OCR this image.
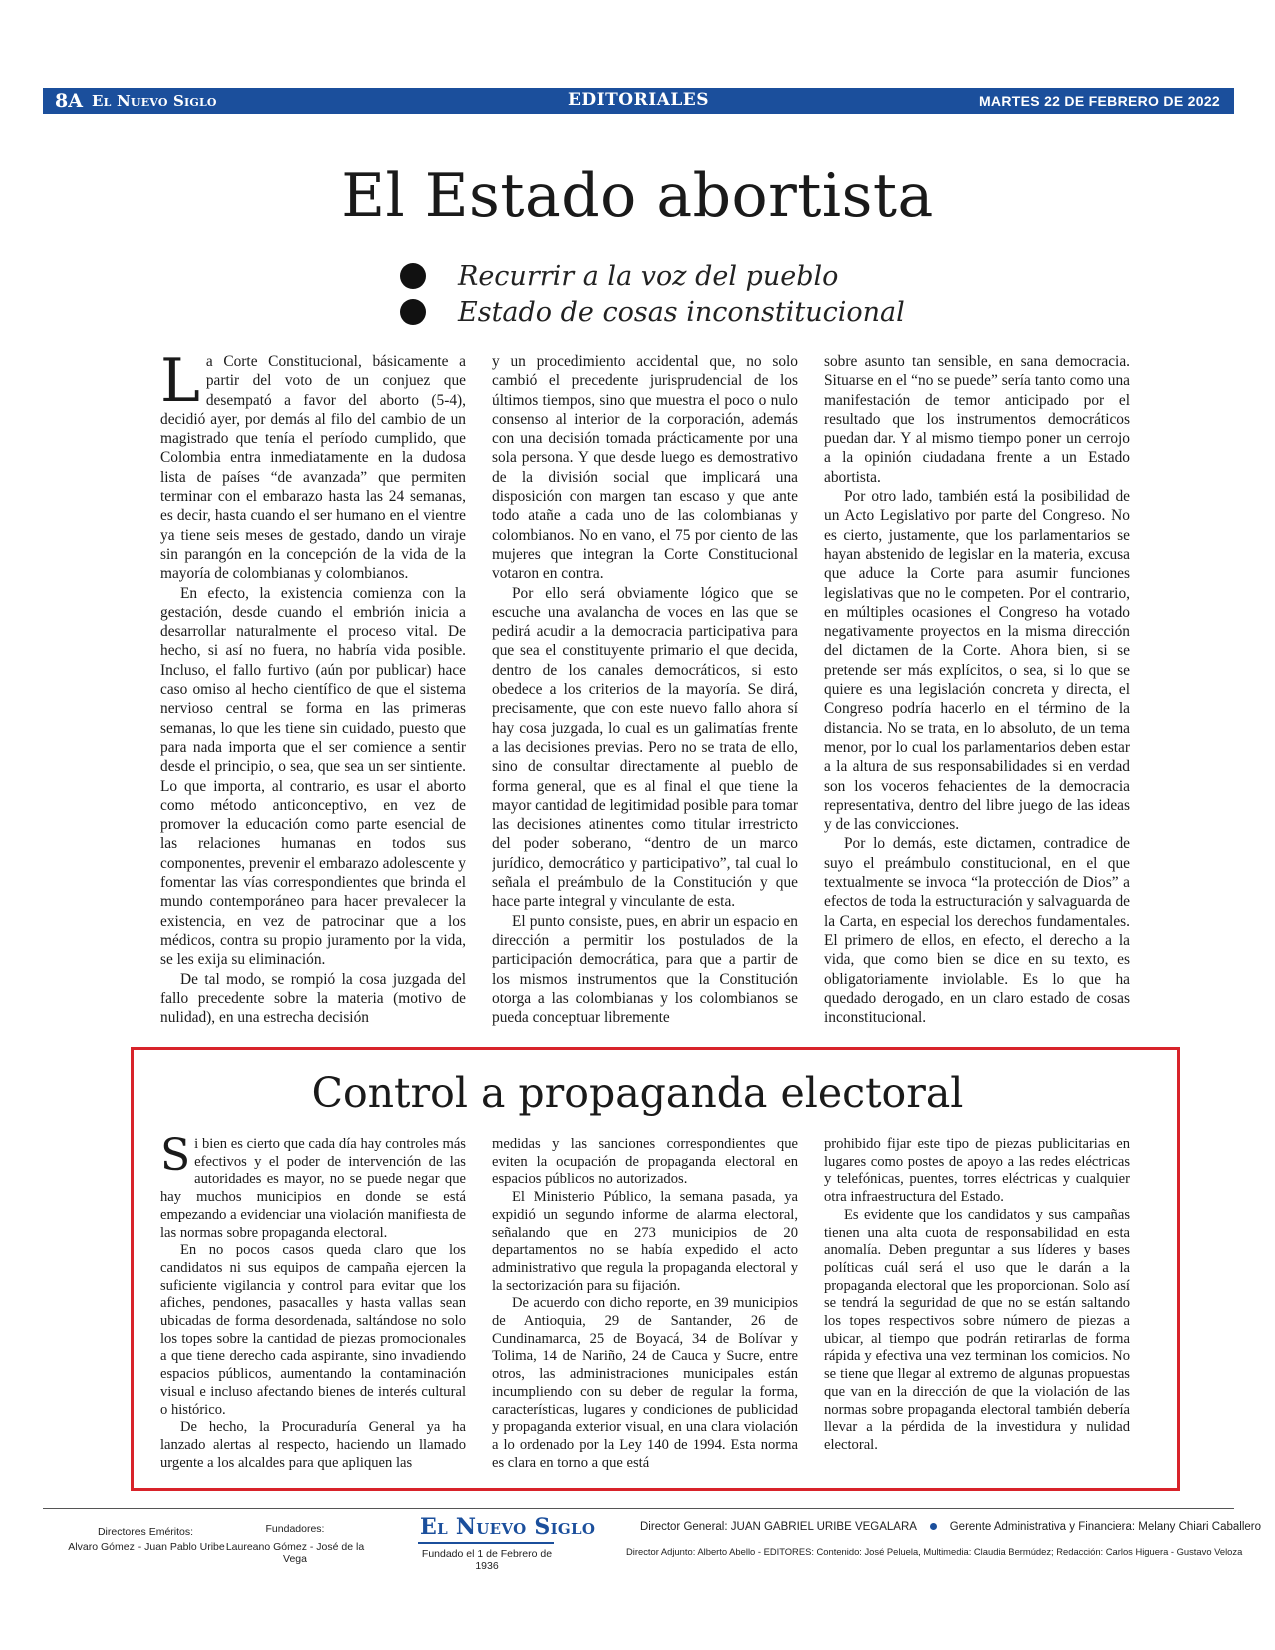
8A El Nuevo Siglo	EDITORIALES	MARTES 22 DE FEBRERO DE 2022
El Estado abortista
Recurrir a la voz del pueblo
Estado de cosas inconstitucional

La Corte Constitucional, básicamente a partir del voto de un conjuez que desempató a favor del aborto (5-4), decidió ayer, por demás al filo del cambio de un magistrado que tenía el período cumplido, que Colombia entra inmediatamente en la dudosa lista de países “de avanzada” que permiten terminar con el embarazo hasta las 24 semanas, es decir, hasta cuando el ser humano en el vientre ya tiene seis meses de gestado, dando un viraje sin parangón en la concepción de la vida de la mayoría de colombianas y colombianos.

En efecto, la existencia comienza con la gestación, desde cuando el embrión inicia a desarrollar naturalmente el proceso vital. De hecho, si así no fuera, no habría vida posible. Incluso, el fallo furtivo (aún por publicar) hace caso omiso al hecho científico de que el sistema nervioso central se forma en las primeras semanas, lo que les tiene sin cuidado, puesto que para nada importa que el ser comience a sentir desde el principio, o sea, que sea un ser sintiente. Lo que importa, al contrario, es usar el aborto como método anticonceptivo, en vez de promover la educación como parte esencial de las relaciones humanas en todos sus componentes, prevenir el embarazo adolescente y fomentar las vías correspondientes que brinda el mundo contemporáneo para hacer prevalecer la existencia, en vez de patrocinar que a los médicos, contra su propio juramento por la vida, se les exija su eliminación.

De tal modo, se rompió la cosa juzgada del fallo precedente sobre la materia (motivo de nulidad), en una estrecha decisión

y un procedimiento accidental que, no solo cambió el precedente jurisprudencial de los últimos tiempos, sino que muestra el poco o nulo consenso al interior de la corporación, además con una decisión tomada prácticamente por una sola persona. Y que desde luego es demostrativo de la división social que implicará una disposición con margen tan escaso y que ante todo atañe a cada uno de las colombianas y colombianos. No en vano, el 75 por ciento de las mujeres que integran la Corte Constitucional votaron en contra.

Por ello será obviamente lógico que se escuche una avalancha de voces en las que se pedirá acudir a la democracia participativa para que sea el constituyente primario el que decida, dentro de los canales democráticos, si esto obedece a los criterios de la mayoría. Se dirá, precisamente, que con este nuevo fallo ahora sí hay cosa juzgada, lo cual es un galimatías frente a las decisiones previas. Pero no se trata de ello, sino de consultar directamente al pueblo de forma general, que es al final el que tiene la mayor cantidad de legitimidad posible para tomar las decisiones atinentes como titular irrestricto del poder soberano, “dentro de un marco jurídico, democrático y participativo”, tal cual lo señala el preámbulo de la Constitución y que hace parte integral y vinculante de esta.

El punto consiste, pues, en abrir un espacio en dirección a permitir los postulados de la participación democrática, para que a partir de los mismos instrumentos que la Constitución otorga a las colombianas y los colombianos se pueda conceptuar libremente

sobre asunto tan sensible, en sana democracia. Situarse en el “no se puede” sería tanto como una manifestación de temor anticipado por el resultado que los instrumentos democráticos puedan dar. Y al mismo tiempo poner un cerrojo a la opinión ciudadana frente a un Estado abortista.

Por otro lado, también está la posibilidad de un Acto Legislativo por parte del Congreso. No es cierto, justamente, que los parlamentarios se hayan abstenido de legislar en la materia, excusa que aduce la Corte para asumir funciones legislativas que no le competen. Por el contrario, en múltiples ocasiones el Congreso ha votado negativamente proyectos en la misma dirección del dictamen de la Corte. Ahora bien, si se pretende ser más explícitos, o sea, si lo que se quiere es una legislación concreta y directa, el Congreso podría hacerlo en el término de la distancia. No se trata, en lo absoluto, de un tema menor, por lo cual los parlamentarios deben estar a la altura de sus responsabilidades si en verdad son los voceros fehacientes de la democracia representativa, dentro del libre juego de las ideas y de las convicciones.

Por lo demás, este dictamen, contradice de suyo el preámbulo constitucional, en el que textualmente se invoca “la protección de Dios” a efectos de toda la estructuración y salvaguarda de la Carta, en especial los derechos fundamentales. El primero de ellos, en efecto, el derecho a la vida, que como bien se dice en su texto, es obligatoriamente inviolable. Es lo que ha quedado derogado, en un claro estado de cosas inconstitucional.

Control a propaganda electoral

Si bien es cierto que cada día hay controles más efectivos y el poder de intervención de las autoridades es mayor, no se puede negar que hay muchos municipios en donde se está empezando a evidenciar una violación manifiesta de las normas sobre propaganda electoral.

En no pocos casos queda claro que los candidatos ni sus equipos de campaña ejercen la suficiente vigilancia y control para evitar que los afiches, pendones, pasacalles y hasta vallas sean ubicadas de forma desordenada, saltándose no solo los topes sobre la cantidad de piezas promocionales a que tiene derecho cada aspirante, sino invadiendo espacios públicos, aumentando la contaminación visual e incluso afectando bienes de interés cultural o histórico.

De hecho, la Procuraduría General ya ha lanzado alertas al respecto, haciendo un llamado urgente a los alcaldes para que apliquen las

medidas y las sanciones correspondientes que eviten la ocupación de propaganda electoral en espacios públicos no autorizados.

El Ministerio Público, la semana pasada, ya expidió un segundo informe de alarma electoral, señalando que en 273 municipios de 20 departamentos no se había expedido el acto administrativo que regula la propaganda electoral y la sectorización para su fijación.

De acuerdo con dicho reporte, en 39 municipios de Antioquia, 29 de Santander, 26 de Cundinamarca, 25 de Boyacá, 34 de Bolívar y Tolima, 14 de Nariño, 24 de Cauca y Sucre, entre otros, las administraciones municipales están incumpliendo con su deber de regular la forma, características, lugares y condiciones de publicidad y propaganda exterior visual, en una clara violación a lo ordenado por la Ley 140 de 1994. Esta norma es clara en torno a que está

prohibido fijar este tipo de piezas publicitarias en lugares como postes de apoyo a las redes eléctricas y telefónicas, puentes, torres eléctricas y cualquier otra infraestructura del Estado.

Es evidente que los candidatos y sus campañas tienen una alta cuota de responsabilidad en esta anomalía. Deben preguntar a sus líderes y bases políticas cuál será el uso que le darán a la propaganda electoral que les proporcionan. Solo así se tendrá la seguridad de que no se están saltando los topes respectivos sobre número de piezas a ubicar, al tiempo que podrán retirarlas de forma rápida y efectiva una vez terminan los comicios. No se tiene que llegar al extremo de algunas propuestas que van en la dirección de que la violación de las normas sobre propaganda electoral también debería llevar a la pérdida de la investidura y nulidad electoral.

Directores Eméritos:
Alvaro Gómez - Juan Pablo Uribe
Fundadores:
Laureano Gómez - José de la Vega
El Nuevo Siglo
Fundado el 1 de Febrero de 1936
Director General: JUAN GABRIEL URIBE VEGALARA	Gerente Administrativa y Financiera: Melany Chiari Caballero
Director Adjunto: Alberto Abello - EDITORES: Contenido: José Peluela, Multimedia: Claudia Bermúdez; Redacción: Carlos Higuera - Gustavo Veloza
